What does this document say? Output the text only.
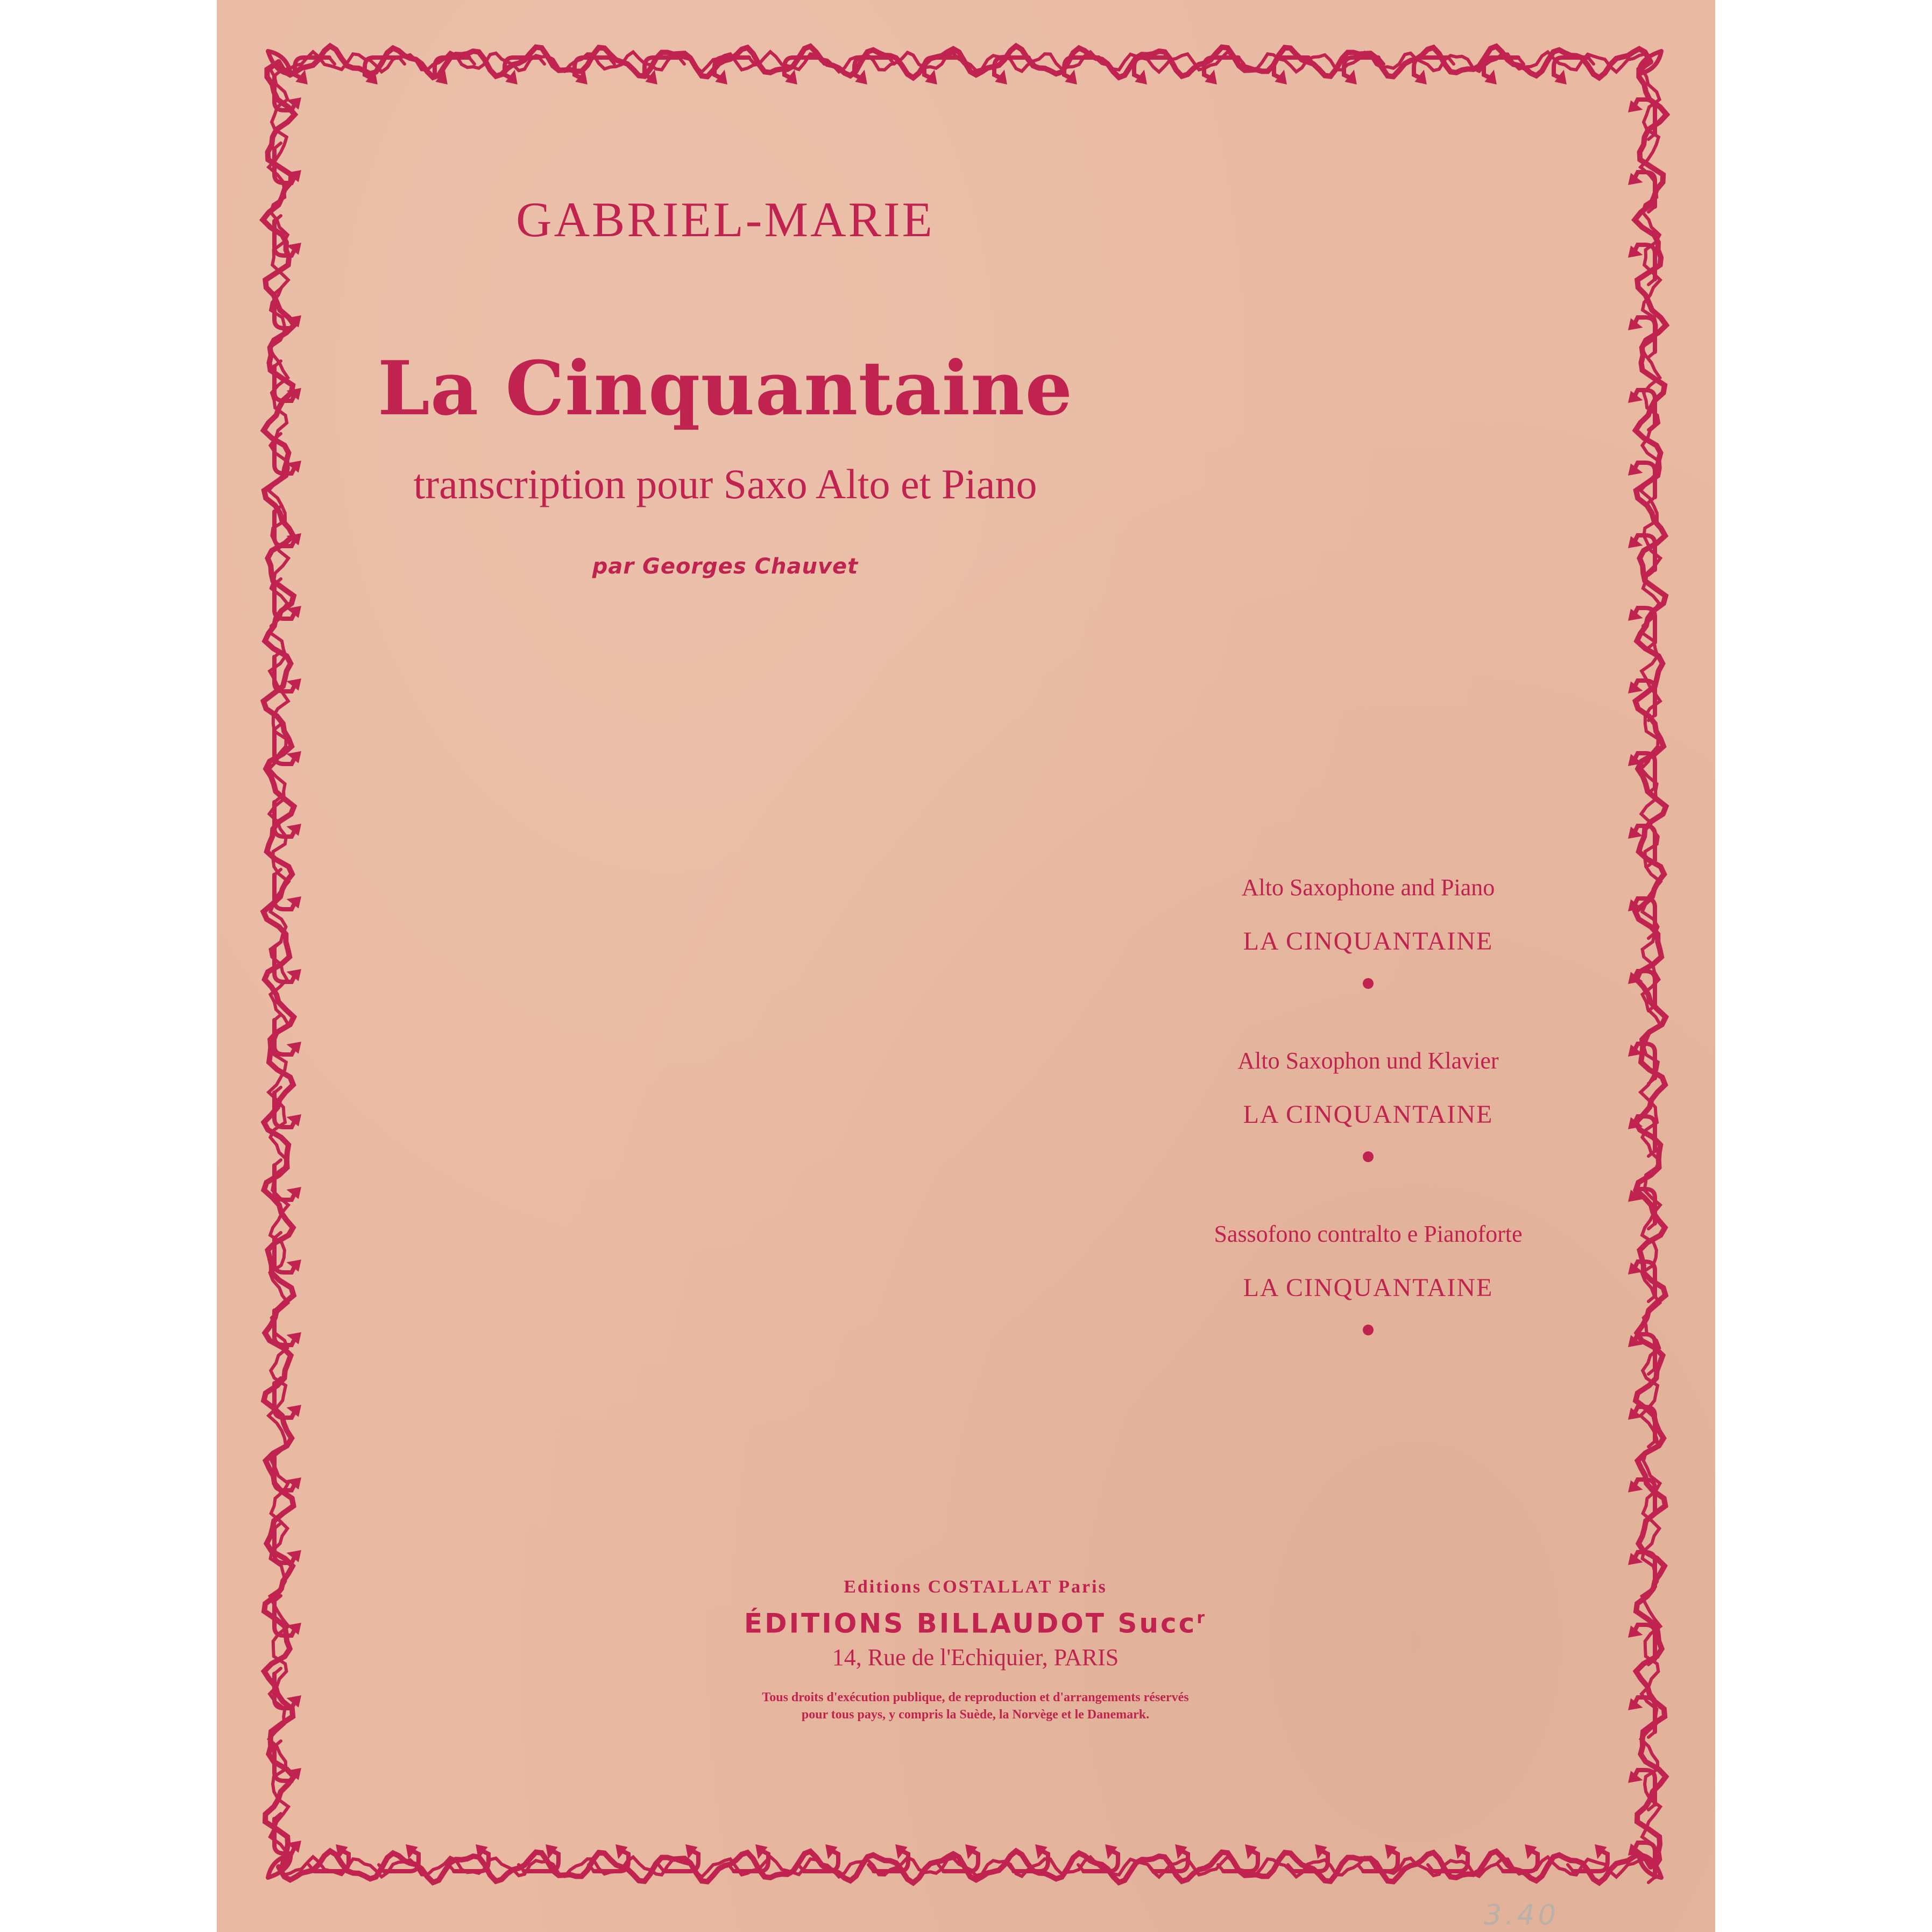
GABRIEL-MARIE
La Cinquantaine
transcription pour Saxo Alto et Piano
par Georges Chauvet
Alto Saxophone and Piano
LA CINQUANTAINE
Alto Saxophon und Klavier
LA CINQUANTAINE
Sassofono contralto e Pianoforte
LA CINQUANTAINE
Editions COSTALLAT Paris
ÉDITIONS BILLAUDOT Succ$^r$
14, Rue de l'Echiquier, PARIS
Tous droits d'exécution publique, de reproduction et d'arrangements réservés
pour tous pays, y compris la Suède, la Norvège et le Danemark.
3.40
